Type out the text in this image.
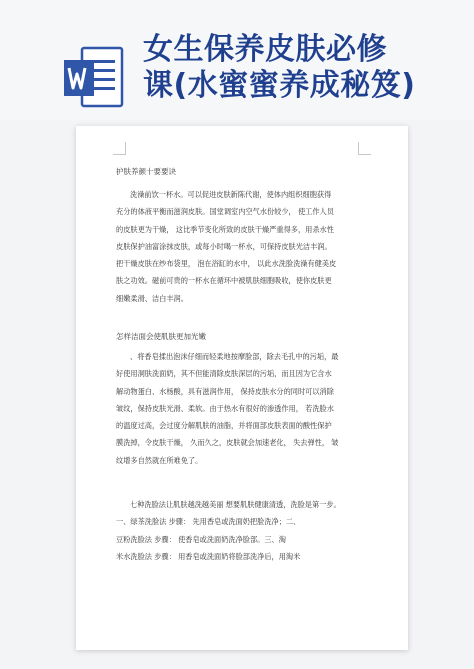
女生保养皮肤必修
课(水蜜蜜养成秘笈)
护肤养颜十要要诀
洗澡前饮一杯水。可以促进皮肤新陈代谢，使体内组织细胞获得
充分的体液平衡而滋润皮肤。国堂调室内空气水份较少， 使工作人员
的皮肤更为干燥， 这比季节变化所致的皮肤干燥严重得多，用杀水性
皮肤保护油富涂抹皮肤，或每小时喝一杯水，可保持皮肤光洁丰润。
把干燥皮肤在纱布袋里， 泡在浴缸的水中， 以此水洗脸洗澡有健美皮
肤之功效。磁前可贵的一杯水在循环中被肌肤细胞吸收，使你皮肤更
细嫩柔滑、洁白丰润。
怎样洁面会使肌肤更加光嫩
、将香皂揉出泡沫仔细而轻柔地按摩脸部，除去毛孔中的污垢，最
好使用洞肤洗面奶，其不但能清除皮肤深层的污垢，而且因为它含水
解动物蛋白、水杨酸，具有滋润作用， 保持皮肤水分的同时可以消除
皱纹，保持皮肤光滑、柔软。由于热水有很好的渗透作用， 若洗脸水
的温度过高，会过度分解肌肤的油脂，并将面部皮肤表面的酸性保护
膜洗掉，令皮肤干燥， 久而久之，皮肤就会加速老化， 失去弹性， 皱
纹增多自然就在所难免了。
七种洗脸法让肌肤越洗越美丽 想要肌肤健康清透，洗脸是第一步。
一、绿茶洗脸法 步骤： 先用香皂或洗面奶把脸洗净；二、
豆粉洗脸法 步骤： 使香皂或洗面奶洗净脸部。三、淘
米水洗脸法 步骤： 用香皂或洗面奶将脸部洗净后，用淘米
